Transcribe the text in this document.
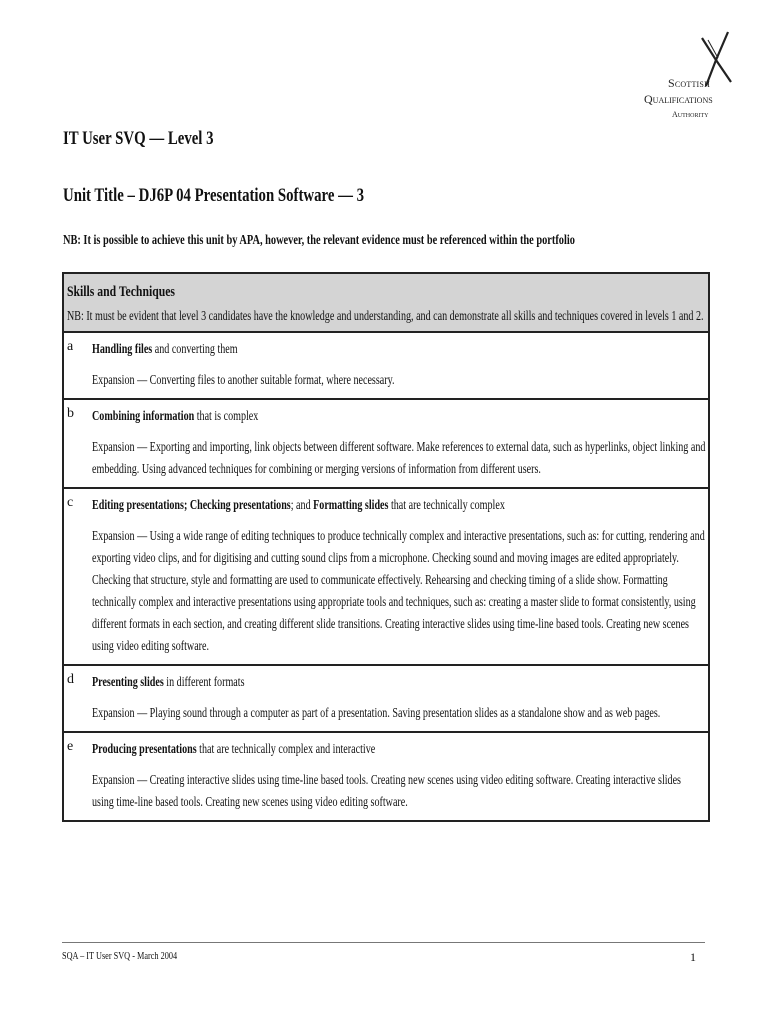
Scottish
Qualifications
Authority
IT User SVQ — Level 3
Unit Title – DJ6P 04 Presentation Software — 3
NB: It is possible to achieve this unit by APA, however, the relevant evidence must be referenced within the portfolio
Skills and Techniques
NB: It must be evident that level 3 candidates have the knowledge and understanding, and can demonstrate all skills and techniques covered in levels 1 and 2.
a Handling files and converting them
Expansion — Converting files to another suitable format, where necessary.
b Combining information that is complex
Expansion — Exporting and importing, link objects between different software. Make references to external data, such as hyperlinks, object linking and
embedding. Using advanced techniques for combining or merging versions of information from different users.
c Editing presentations; Checking presentations; and Formatting slides that are technically complex
Expansion — Using a wide range of editing techniques to produce technically complex and interactive presentations, such as: for cutting, rendering and
exporting video clips, and for digitising and cutting sound clips from a microphone. Checking sound and moving images are edited appropriately.
Checking that structure, style and formatting are used to communicate effectively. Rehearsing and checking timing of a slide show. Formatting
technically complex and interactive presentations using appropriate tools and techniques, such as: creating a master slide to format consistently, using
different formats in each section, and creating different slide transitions. Creating interactive slides using time-line based tools. Creating new scenes
using video editing software.
d Presenting slides in different formats
Expansion — Playing sound through a computer as part of a presentation. Saving presentation slides as a standalone show and as web pages.
e Producing presentations that are technically complex and interactive
Expansion — Creating interactive slides using time-line based tools. Creating new scenes using video editing software. Creating interactive slides
using time-line based tools. Creating new scenes using video editing software.
SQA – IT User SVQ - March 2004	1
